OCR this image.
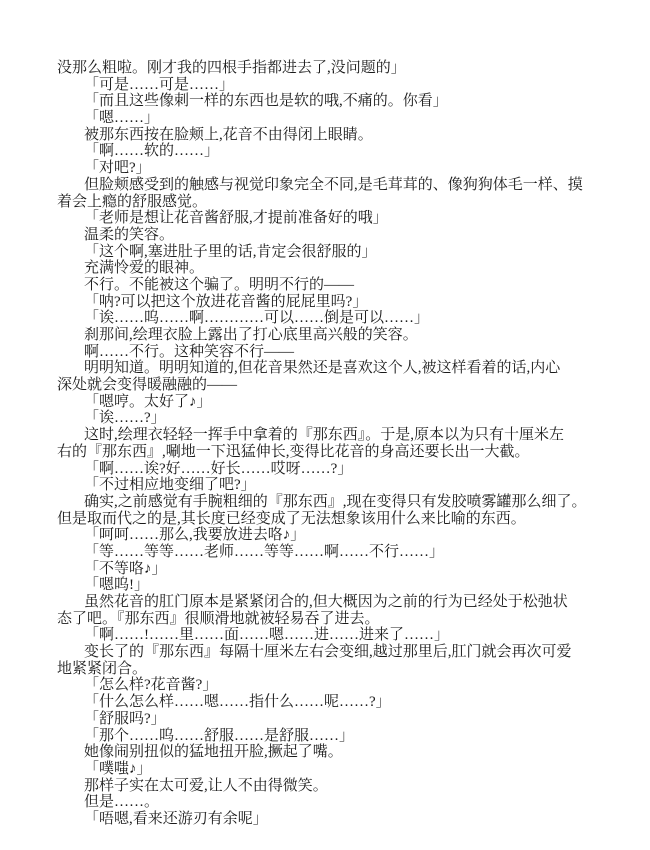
没那么粗啦。刚才我的四根手指都进去了,没问题的」
「可是……可是……」
「而且这些像刺一样的东西也是软的哦,不痛的。你看」
「嗯……」
被那东西按在脸颊上,花音不由得闭上眼睛。
「啊……软的……」
「对吧?」
但脸颊感受到的触感与视觉印象完全不同,是毛茸茸的、像狗狗体毛一样、摸
着会上瘾的舒服感觉。
「老师是想让花音酱舒服,才提前准备好的哦」
温柔的笑容。
「这个啊,塞进肚子里的话,肯定会很舒服的」
充满怜爱的眼神。
不行。不能被这个骗了。明明不行的——
「呐?可以把这个放进花音酱的屁屁里吗?」
「诶……呜……啊…………可以……倒是可以……」
刹那间,绘理衣脸上露出了打心底里高兴般的笑容。
啊……不行。这种笑容不行——
明明知道。明明知道的,但花音果然还是喜欢这个人,被这样看着的话,内心
深处就会变得暖融融的——
「嗯哼。太好了♪」
「诶……?」
这时,绘理衣轻轻一挥手中拿着的『那东西』。于是,原本以为只有十厘米左
右的『那东西』,唰地一下迅猛伸长,变得比花音的身高还要长出一大截。
「啊……诶?好……好长……哎呀……?」
「不过相应地变细了吧?」
确实,之前感觉有手腕粗细的『那东西』,现在变得只有发胶喷雾罐那么细了。
但是取而代之的是,其长度已经变成了无法想象该用什么来比喻的东西。
「呵呵……那么,我要放进去咯♪」
「等……等等……老师……等等……啊……不行……」
「不等咯♪」
「嗯呜!」
虽然花音的肛门原本是紧紧闭合的,但大概因为之前的行为已经处于松弛状
态了吧。『那东西』很顺滑地就被轻易吞了进去。
「啊……!……里……面……嗯……进……进来了……」
变长了的『那东西』每隔十厘米左右会变细,越过那里后,肛门就会再次可爱
地紧紧闭合。
「怎么样?花音酱?」
「什么怎么样……嗯……指什么……呢……?」
「舒服吗?」
「那个……呜……舒服……是舒服……」
她像闹别扭似的猛地扭开脸,撅起了嘴。
「噗嗤♪」
那样子实在太可爱,让人不由得微笑。
但是……。
「唔嗯,看来还游刃有余呢」
